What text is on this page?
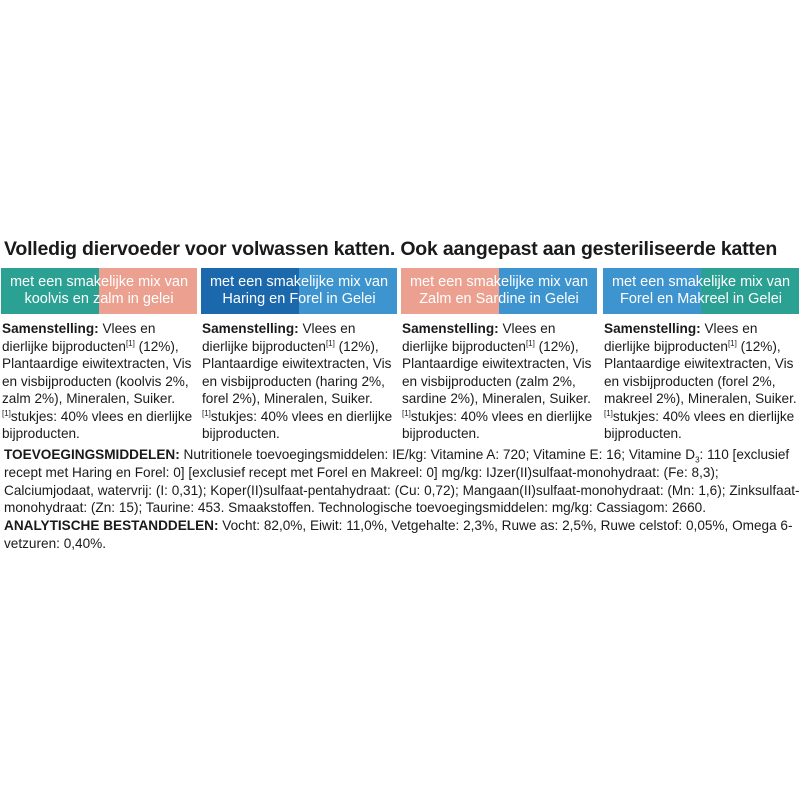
Volledig diervoeder voor volwassen katten. Ook aangepast aan gesteriliseerde katten
met een smakelijke mix van
koolvis en zalm in gelei
Samenstelling: Vlees en dierlijke bijproducten[1] (12%), Plantaardige eiwitextracten, Vis en visbijproducten (koolvis 2%, zalm 2%), Mineralen, Suiker. [1]stukjes: 40% vlees en dierlijke bijproducten.
met een smakelijke mix van
Haring en Forel in Gelei
Samenstelling: Vlees en dierlijke bijproducten[1] (12%), Plantaardige eiwitextracten, Vis en visbijproducten (haring 2%, forel 2%), Mineralen, Suiker. [1]stukjes: 40% vlees en dierlijke bijproducten.
met een smakelijke mix van
Zalm en Sardine in Gelei
Samenstelling: Vlees en dierlijke bijproducten[1] (12%), Plantaardige eiwitextracten, Vis en visbijproducten (zalm 2%, sardine 2%), Mineralen, Suiker. [1]stukjes: 40% vlees en dierlijke bijproducten.
met een smakelijke mix van
Forel en Makreel in Gelei
Samenstelling: Vlees en dierlijke bijproducten[1] (12%), Plantaardige eiwitextracten, Vis en visbijproducten (forel 2%, makreel 2%), Mineralen, Suiker. [1]stukjes: 40% vlees en dierlijke bijproducten.
TOEVOEGINGSMIDDELEN: Nutritionele toevoegingsmiddelen: IE/kg: Vitamine A: 720; Vitamine E: 16; Vitamine $D_3$: 110 [exclusief recept met Haring en Forel: 0] [exclusief recept met Forel en Makreel: 0] mg/kg: IJzer(II)sulfaat-monohydraat: (Fe: 8,3); Calciumjodaat, watervrij: (I: 0,31); Koper(II)sulfaat-pentahydraat: (Cu: 0,72); Mangaan(II)sulfaat-monohydraat: (Mn: 1,6); Zinksulfaat-monohydraat: (Zn: 15); Taurine: 453. Smaakstoffen. Technologische toevoegingsmiddelen: mg/kg: Cassiagom: 2660. ANALYTISCHE BESTANDDELEN: Vocht: 82,0%, Eiwit: 11,0%, Vetgehalte: 2,3%, Ruwe as: 2,5%, Ruwe celstof: 0,05%, Omega 6-vetzuren: 0,40%.
